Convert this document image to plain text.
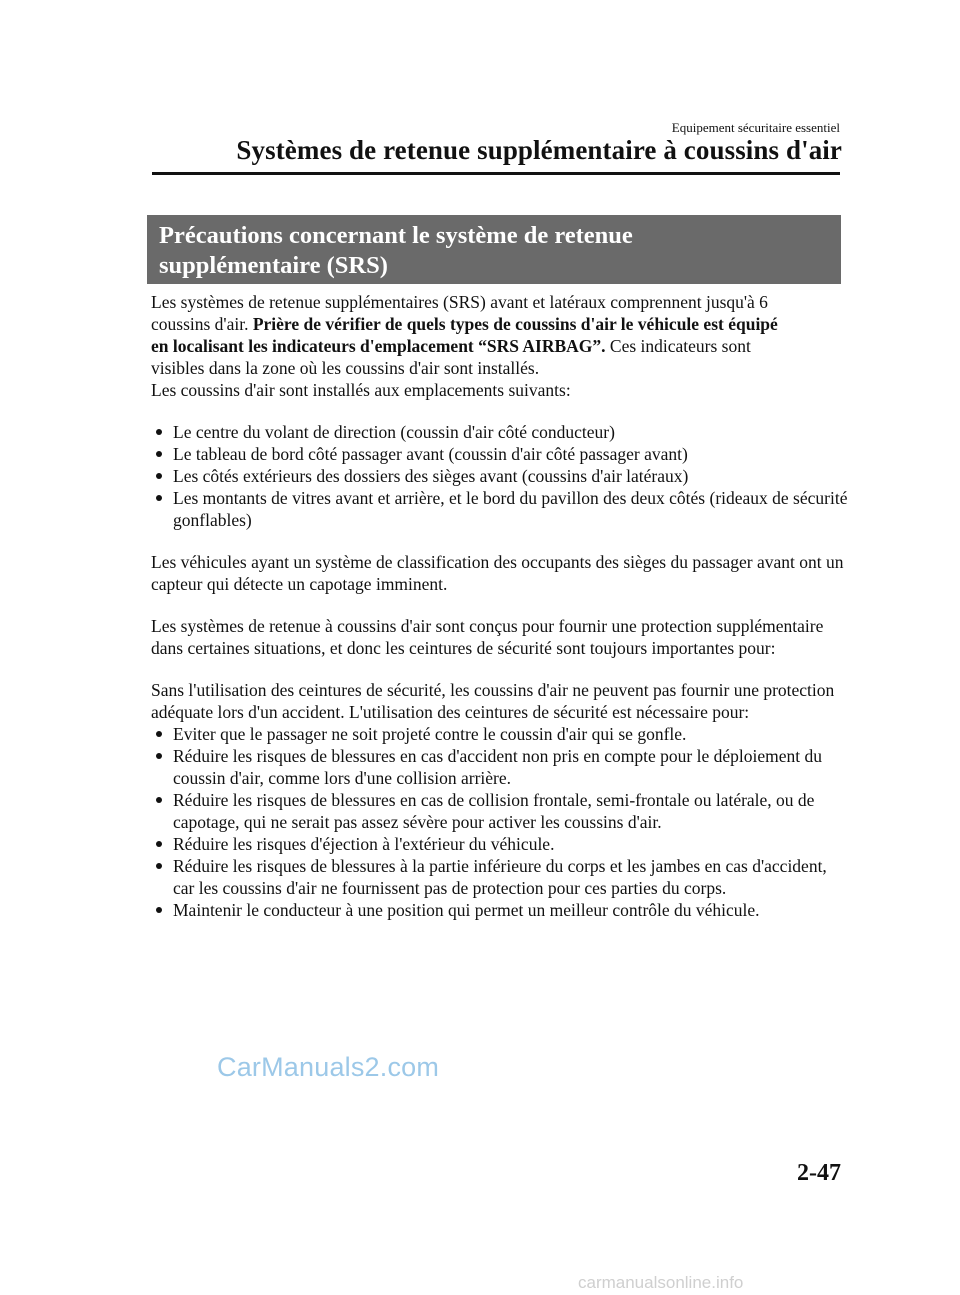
Equipement sécuritaire essentiel
Systèmes de retenue supplémentaire à coussins d'air
Précautions concernant le système de retenue
supplémentaire (SRS)

Les systèmes de retenue supplémentaires (SRS) avant et latéraux comprennent jusqu'à 6
coussins d'air. Prière de vérifier de quels types de coussins d'air le véhicule est équipé
en localisant les indicateurs d'emplacement “SRS AIRBAG”. Ces indicateurs sont
visibles dans la zone où les coussins d'air sont installés.
Les coussins d'air sont installés aux emplacements suivants:

Le centre du volant de direction (coussin d'air côté conducteur)
Le tableau de bord côté passager avant (coussin d'air côté passager avant)
Les côtés extérieurs des dossiers des sièges avant (coussins d'air latéraux)
Les montants de vitres avant et arrière, et le bord du pavillon des deux côtés (rideaux de sécurité gonflables)

Les véhicules ayant un système de classification des occupants des sièges du passager avant ont un capteur qui détecte un capotage imminent.

Les systèmes de retenue à coussins d'air sont conçus pour fournir une protection supplémentaire dans certaines situations, et donc les ceintures de sécurité sont toujours importantes pour:

Sans l'utilisation des ceintures de sécurité, les coussins d'air ne peuvent pas fournir une protection adéquate lors d'un accident. L'utilisation des ceintures de sécurité est nécessaire pour:

Eviter que le passager ne soit projeté contre le coussin d'air qui se gonfle.
Réduire les risques de blessures en cas d'accident non pris en compte pour le déploiement du coussin d'air, comme lors d'une collision arrière.
Réduire les risques de blessures en cas de collision frontale, semi-frontale ou latérale, ou de capotage, qui ne serait pas assez sévère pour activer les coussins d'air.
Réduire les risques d'éjection à l'extérieur du véhicule.
Réduire les risques de blessures à la partie inférieure du corps et les jambes en cas d'accident, car les coussins d'air ne fournissent pas de protection pour ces parties du corps.
Maintenir le conducteur à une position qui permet un meilleur contrôle du véhicule.
CarManuals2.com
2-47
carmanualsonline.info
